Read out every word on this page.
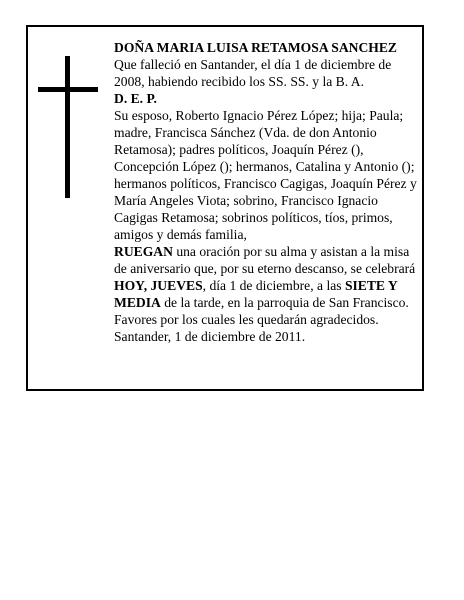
DOÑA MARIA LUISA RETAMOSA SANCHEZ

Que falleció en Santander, el día 1 de diciembre de 2008, habiendo recibido los SS. SS. y la B. A.

D. E. P.

Su esposo, Roberto Ignacio Pérez López; hija; Paula; madre, Francisca Sánchez (Vda. de don Antonio Retamosa); padres políticos, Joaquín Pérez (), Concepción López (); hermanos, Catalina y Antonio (); hermanos políticos, Francisco Cagigas, Joaquín Pérez y María Angeles Viota; sobrino, Francisco Ignacio Cagigas Retamosa; sobrinos políticos, tíos, primos, amigos y demás familia,

RUEGAN una oración por su alma y asistan a la misa de aniversario que, por su eterno descanso, se celebrará HOY, JUEVES, día 1 de diciembre, a las SIETE Y MEDIA de la tarde, en la parroquia de San Francisco.

Favores por los cuales les quedarán agradecidos.

Santander, 1 de diciembre de 2011.
